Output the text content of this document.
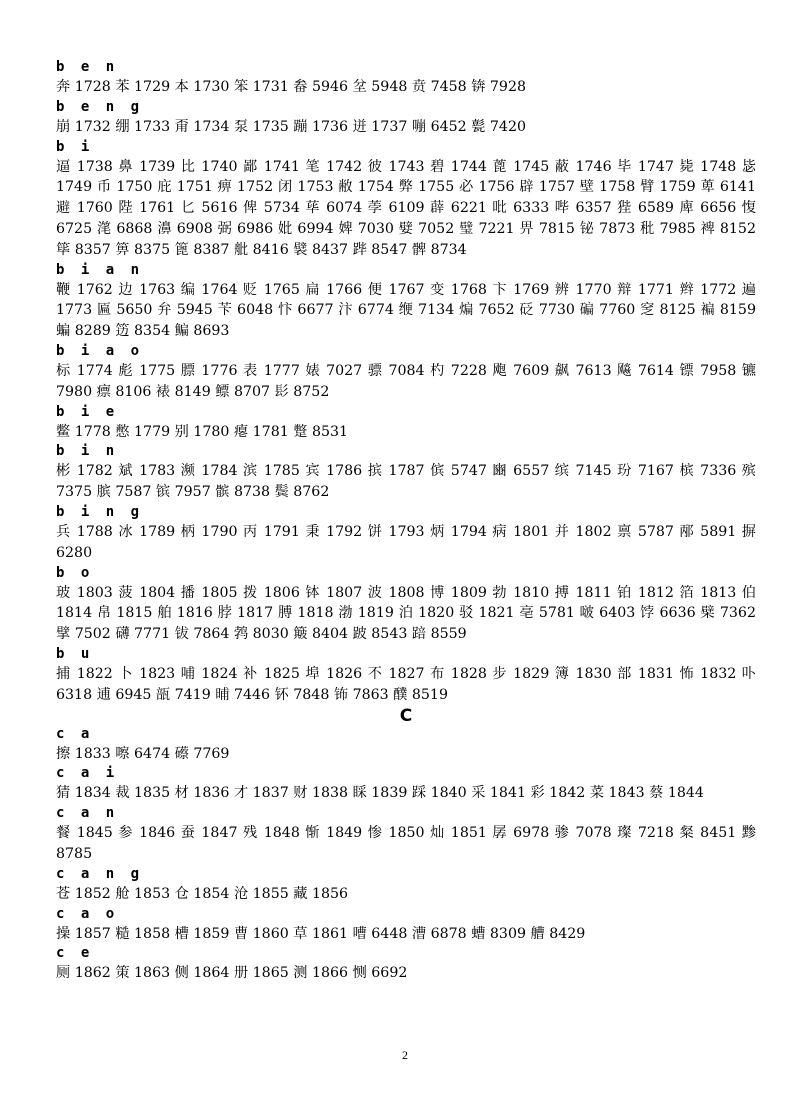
b e n
奔 1728 苯 1729 本 1730 笨 1731 畚 5946 坌 5948 贲 7458 锛 7928
b e n g
崩 1732 绷 1733 甭 1734 泵 1735 蹦 1736 迸 1737 嘣 6452 甏 7420
b i
逼 1738 鼻 1739 比 1740 鄙 1741 笔 1742 彼 1743 碧 1744 蓖 1745 蔽 1746 毕 1747 毙 1748 毖 1749 币 1750 庇 1751 痹 1752 闭 1753 敝 1754 弊 1755 必 1756 辟 1757 壁 1758 臂 1759 萆 6141 避 1760 陛 1761 匕 5616 俾 5734 荜 6074 荸 6109 薜 6221 吡 6333 哔 6357 狴 6589 庳 6656 愎 6725 滗 6868 濞 6908 弼 6986 妣 6994 婢 7030 嬖 7052 璧 7221 畀 7815 铋 7873 秕 7985 裨 8152 筚 8357 箅 8375 篦 8387 舭 8416 襞 8437 跸 8547 髀 8734
b i a n
鞭 1762 边 1763 编 1764 贬 1765 扁 1766 便 1767 变 1768 卞 1769 辨 1770 辩 1771 辫 1772 遍 1773 匾 5650 弁 5945 苄 6048 忭 6677 汴 6774 缏 7134 煸 7652 砭 7730 碥 7760 窆 8125 褊 8159 蝙 8289 笾 8354 鳊 8693
b i a o
标 1774 彪 1775 膘 1776 表 1777 婊 7027 骠 7084 杓 7228 飑 7609 飙 7613 飚 7614 镖 7958 镳 7980 瘭 8106 裱 8149 鳔 8707 髟 8752
b i e
鳖 1778 憋 1779 别 1780 瘪 1781 蹩 8531
b i n
彬 1782 斌 1783 濒 1784 滨 1785 宾 1786 摈 1787 傧 5747 豳 6557 缤 7145 玢 7167 槟 7336 殡 7375 膑 7587 镔 7957 髌 8738 鬓 8762
b i n g
兵 1788 冰 1789 柄 1790 丙 1791 秉 1792 饼 1793 炳 1794 病 1801 并 1802 禀 5787 邴 5891 摒 6280
b o
玻 1803 菠 1804 播 1805 拨 1806 钵 1807 波 1808 博 1809 勃 1810 搏 1811 铂 1812 箔 1813 伯 1814 帛 1815 舶 1816 脖 1817 膊 1818 渤 1819 泊 1820 驳 1821 亳 5781 啵 6403 饽 6636 檗 7362 擘 7502 礴 7771 钹 7864 鹁 8030 簸 8404 跛 8543 踣 8559
b u
捕 1822 卜 1823 哺 1824 补 1825 埠 1826 不 1827 布 1828 步 1829 簿 1830 部 1831 怖 1832 卟 6318 逋 6945 瓿 7419 晡 7446 钚 7848 钸 7863 醭 8519
C
c a
擦 1833 嚓 6474 礤 7769
c a i
猜 1834 裁 1835 材 1836 才 1837 财 1838 睬 1839 踩 1840 采 1841 彩 1842 菜 1843 蔡 1844
c a n
餐 1845 参 1846 蚕 1847 残 1848 惭 1849 惨 1850 灿 1851 孱 6978 骖 7078 璨 7218 粲 8451 黪 8785
c a n g
苍 1852 舱 1853 仓 1854 沧 1855 藏 1856
c a o
操 1857 糙 1858 槽 1859 曹 1860 草 1861 嘈 6448 漕 6878 螬 8309 艚 8429
c e
厕 1862 策 1863 侧 1864 册 1865 测 1866 恻 6692
2
